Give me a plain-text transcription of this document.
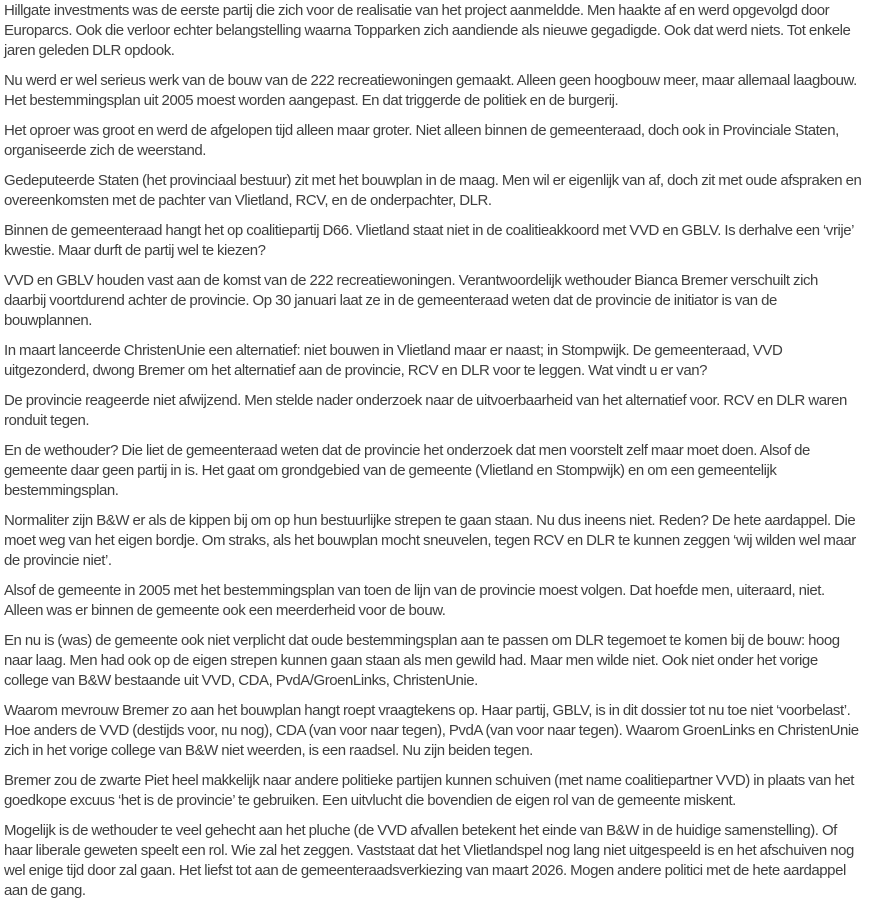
Hillgate investments was de eerste partij die zich voor de realisatie van het project aanmeldde. Men haakte af en werd opgevolgd door Europarcs. Ook die verloor echter belangstelling waarna Topparken zich aandiende als nieuwe gegadigde. Ook dat werd niets. Tot enkele jaren geleden DLR opdook.

Nu werd er wel serieus werk van de bouw van de 222 recreatiewoningen gemaakt. Alleen geen hoogbouw meer, maar allemaal laagbouw. Het bestemmingsplan uit 2005 moest worden aangepast. En dat triggerde de politiek en de burgerij.

Het oproer was groot en werd de afgelopen tijd alleen maar groter. Niet alleen binnen de gemeenteraad, doch ook in Provinciale Staten, organiseerde zich de weerstand.

Gedeputeerde Staten (het provinciaal bestuur) zit met het bouwplan in de maag. Men wil er eigenlijk van af, doch zit met oude afspraken en overeenkomsten met de pachter van Vlietland, RCV, en de onderpachter, DLR.

Binnen de gemeenteraad hangt het op coalitiepartij D66. Vlietland staat niet in de coalitieakkoord met VVD en GBLV. Is derhalve een ‘vrije’ kwestie. Maar durft de partij wel te kiezen?

VVD en GBLV houden vast aan de komst van de 222 recreatiewoningen. Verantwoordelijk wethouder Bianca Bremer verschuilt zich daarbij voortdurend achter de provincie. Op 30 januari laat ze in de gemeenteraad weten dat de provincie de initiator is van de bouwplannen.

In maart lanceerde ChristenUnie een alternatief: niet bouwen in Vlietland maar er naast; in Stompwijk. De gemeenteraad, VVD uitgezonderd, dwong Bremer om het alternatief aan de provincie, RCV en DLR voor te leggen. Wat vindt u er van?

De provincie reageerde niet afwijzend. Men stelde nader onderzoek naar de uitvoerbaarheid van het alternatief voor. RCV en DLR waren ronduit tegen.

En de wethouder? Die liet de gemeenteraad weten dat de provincie het onderzoek dat men voorstelt zelf maar moet doen. Alsof de gemeente daar geen partij in is. Het gaat om grondgebied van de gemeente (Vlietland en Stompwijk) en om een gemeentelijk bestemmingsplan.

Normaliter zijn B&W er als de kippen bij om op hun bestuurlijke strepen te gaan staan. Nu dus ineens niet. Reden? De hete aardappel. Die moet weg van het eigen bordje. Om straks, als het bouwplan mocht sneuvelen, tegen RCV en DLR te kunnen zeggen ‘wij wilden wel maar de provincie niet’.

Alsof de gemeente in 2005 met het bestemmingsplan van toen de lijn van de provincie moest volgen. Dat hoefde men, uiteraard, niet. Alleen was er binnen de gemeente ook een meerderheid voor de bouw.

En nu is (was) de gemeente ook niet verplicht dat oude bestemmingsplan aan te passen om DLR tegemoet te komen bij de bouw: hoog naar laag. Men had ook op de eigen strepen kunnen gaan staan als men gewild had. Maar men wilde niet. Ook niet onder het vorige college van B&W bestaande uit VVD, CDA, PvdA/GroenLinks, ChristenUnie.

Waarom mevrouw Bremer zo aan het bouwplan hangt roept vraagtekens op. Haar partij, GBLV, is in dit dossier tot nu toe niet ‘voorbelast’. Hoe anders de VVD (destijds voor, nu nog), CDA (van voor naar tegen), PvdA (van voor naar tegen). Waarom GroenLinks en ChristenUnie zich in het vorige college van B&W niet weerden, is een raadsel. Nu zijn beiden tegen.

Bremer zou de zwarte Piet heel makkelijk naar andere politieke partijen kunnen schuiven (met name coalitiepartner VVD) in plaats van het goedkope excuus ‘het is de provincie’ te gebruiken. Een uitvlucht die bovendien de eigen rol van de gemeente miskent.

Mogelijk is de wethouder te veel gehecht aan het pluche (de VVD afvallen betekent het einde van B&W in de huidige samenstelling). Of haar liberale geweten speelt een rol. Wie zal het zeggen. Vaststaat dat het Vlietlandspel nog lang niet uitgespeeld is en het afschuiven nog wel enige tijd door zal gaan. Het liefst tot aan de gemeenteraadsverkiezing van maart 2026. Mogen andere politici met de hete aardappel aan de gang.
